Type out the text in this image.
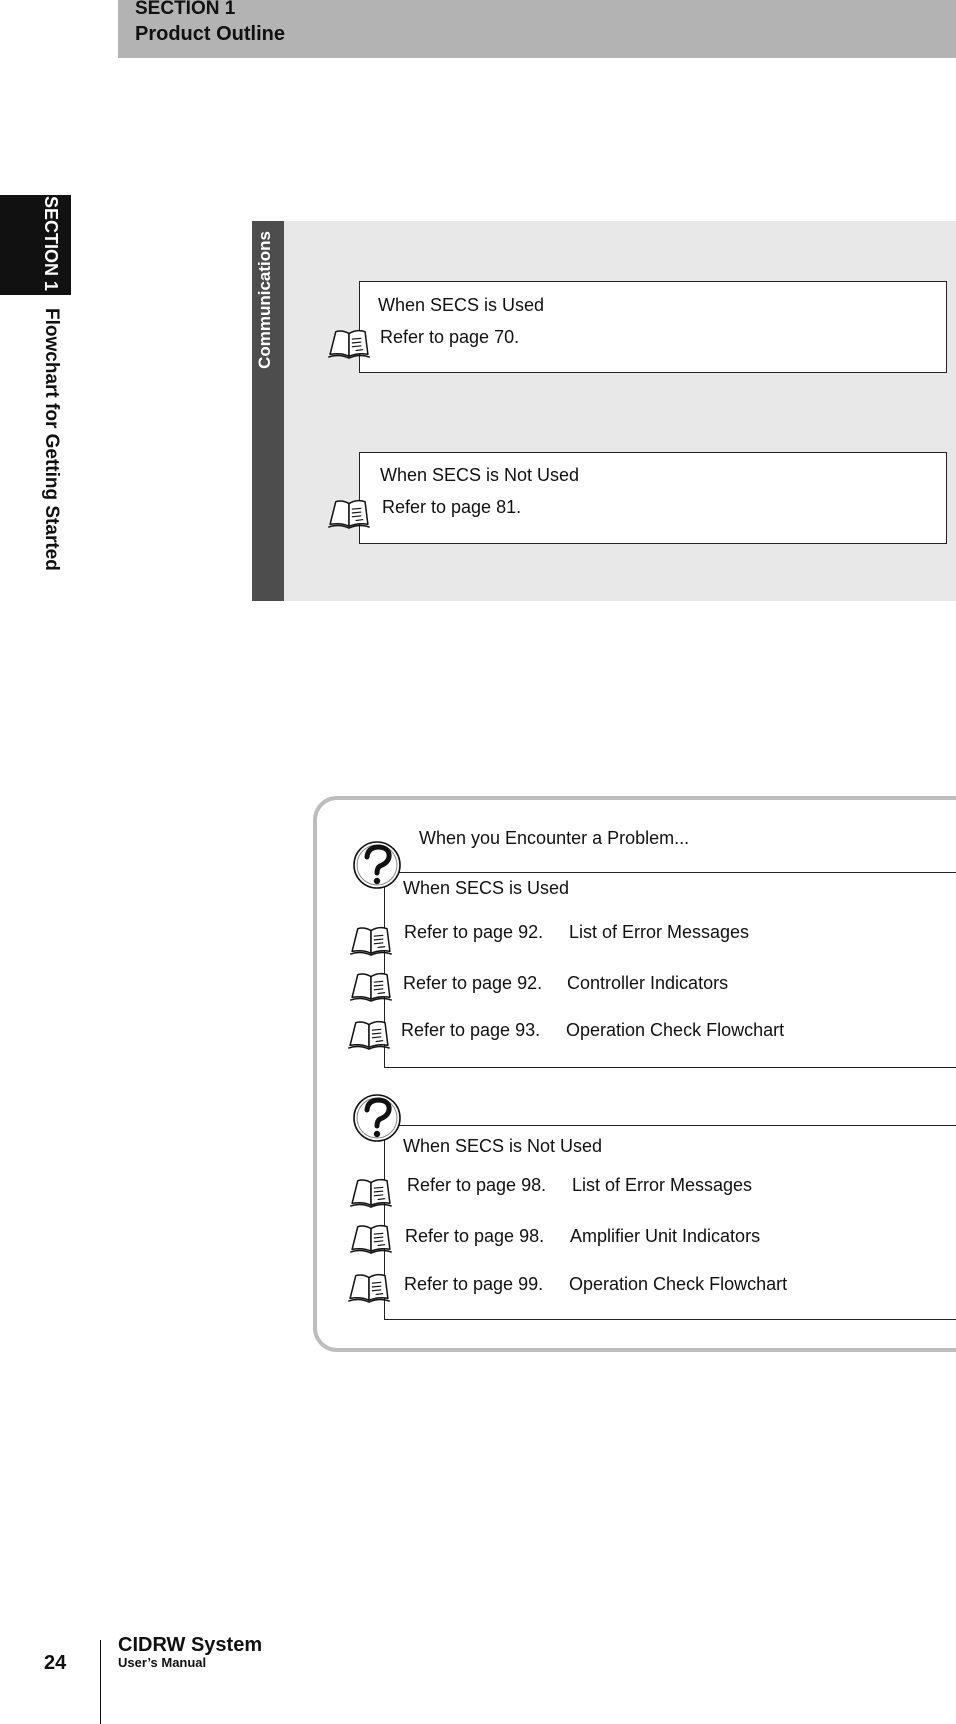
SECTION 1
Product Outline
SECTION 1
Flowchart for Getting Started
Communications	When SECS is Used
Refer to page 70.
When SECS is Not Used
Refer to page 81.
When you Encounter a Problem...
When SECS is Used
Refer to page 92. List of Error Messages
Refer to page 92. Controller Indicators
Refer to page 93. Operation Check Flowchart
When SECS is Not Used
Refer to page 98. List of Error Messages
Refer to page 98. Amplifier Unit Indicators
Refer to page 99. Operation Check Flowchart
24
CIDRW System
User’s Manual
